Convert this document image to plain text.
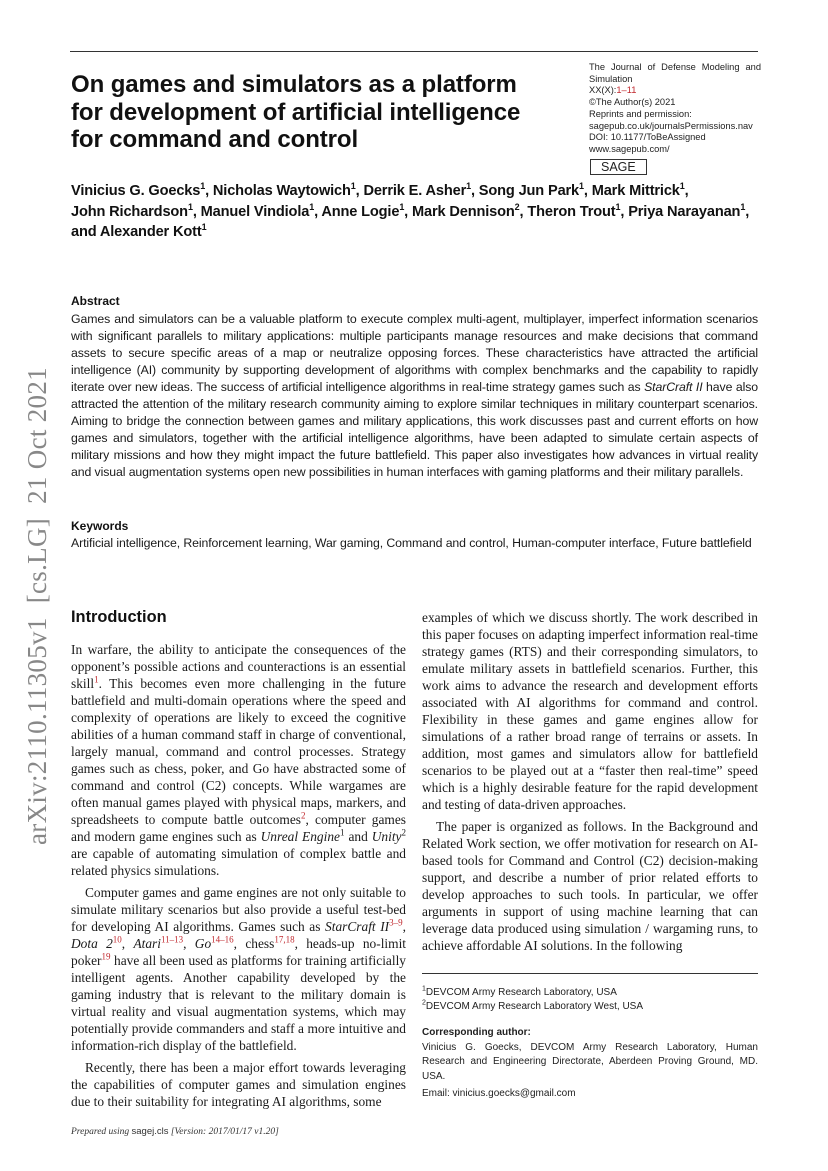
On games and simulators as a platform
for development of artificial intelligence
for command and control
The Journal of Defense Modeling and Simulation
XX(X):1–11
©The Author(s) 2021
Reprints and permission:
sagepub.co.uk/journalsPermissions.nav
DOI: 10.1177/ToBeAssigned
www.sagepub.com/
SAGE
Vinicius G. Goecks$^1$, Nicholas Waytowich$^1$, Derrik E. Asher$^1$, Song Jun Park$^1$, Mark Mittrick$^1$,
John Richardson$^1$, Manuel Vindiola$^1$, Anne Logie$^1$, Mark Dennison$^2$, Theron Trout$^1$, Priya Narayanan$^1$, and Alexander Kott$^1$
Abstract
Games and simulators can be a valuable platform to execute complex multi-agent, multiplayer, imperfect information scenarios with significant parallels to military applications: multiple participants manage resources and make decisions that command assets to secure specific areas of a map or neutralize opposing forces. These characteristics have attracted the artificial intelligence (AI) community by supporting development of algorithms with complex benchmarks and the capability to rapidly iterate over new ideas. The success of artificial intelligence algorithms in real-time strategy games such as StarCraft II have also attracted the attention of the military research community aiming to explore similar techniques in military counterpart scenarios. Aiming to bridge the connection between games and military applications, this work discusses past and current efforts on how games and simulators, together with the artificial intelligence algorithms, have been adapted to simulate certain aspects of military missions and how they might impact the future battlefield. This paper also investigates how advances in virtual reality and visual augmentation systems open new possibilities in human interfaces with gaming platforms and their military parallels.
Keywords
Artificial intelligence, Reinforcement learning, War gaming, Command and control, Human-computer interface, Future battlefield
arXiv:2110.11305v1  [cs.LG]  21 Oct 2021 Introduction

In warfare, the ability to anticipate the consequences of the opponent’s possible actions and counteractions is an essential skill$^1$. This becomes even more challenging in the future battlefield and multi-domain operations where the speed and complexity of operations are likely to exceed the cognitive abilities of a human command staff in charge of conventional, largely manual, command and control processes. Strategy games such as chess, poker, and Go have abstracted some of command and control (C2) concepts. While wargames are often manual games played with physical maps, markers, and spreadsheets to compute battle outcomes$^2$, computer games and modern game engines such as Unreal Engine$^1$ and Unity$^2$ are capable of automating simulation of complex battle and related physics simulations.

Computer games and game engines are not only suitable to simulate military scenarios but also provide a useful test-bed for developing AI algorithms. Games such as StarCraft II$^{3-9}$, Dota 2$^{10}$, Atari$^{11-13}$, Go$^{14-16}$, chess$^{17,18}$, heads-up no-limit poker$^{19}$ have all been used as platforms for training artificially intelligent agents. Another capability developed by the gaming industry that is relevant to the military domain is virtual reality and visual augmentation systems, which may potentially provide commanders and staff a more intuitive and information-rich display of the battlefield.

Recently, there has been a major effort towards leveraging the capabilities of computer games and simulation engines due to their suitability for integrating AI algorithms, some

examples of which we discuss shortly. The work described in this paper focuses on adapting imperfect information real-time strategy games (RTS) and their corresponding simulators, to emulate military assets in battlefield scenarios. Further, this work aims to advance the research and development efforts associated with AI algorithms for command and control. Flexibility in these games and game engines allow for simulations of a rather broad range of terrains or assets. In addition, most games and simulators allow for battlefield scenarios to be played out at a “faster then real-time” speed which is a highly desirable feature for the rapid development and testing of data-driven approaches.

The paper is organized as follows. In the Background and Related Work section, we offer motivation for research on AI-based tools for Command and Control (C2) decision-making support, and describe a number of prior related efforts to develop approaches to such tools. In particular, we offer arguments in support of using machine learning that can leverage data produced using simulation / wargaming runs, to achieve affordable AI solutions. In the following

$^1$DEVCOM Army Research Laboratory, USA
$^2$DEVCOM Army Research Laboratory West, USA
Corresponding author:
Vinicius G. Goecks, DEVCOM Army Research Laboratory, Human Research and Engineering Directorate, Aberdeen Proving Ground, MD. USA.
Email: vinicius.goecks@gmail.com
Prepared using sagej.cls [Version: 2017/01/17 v1.20]
